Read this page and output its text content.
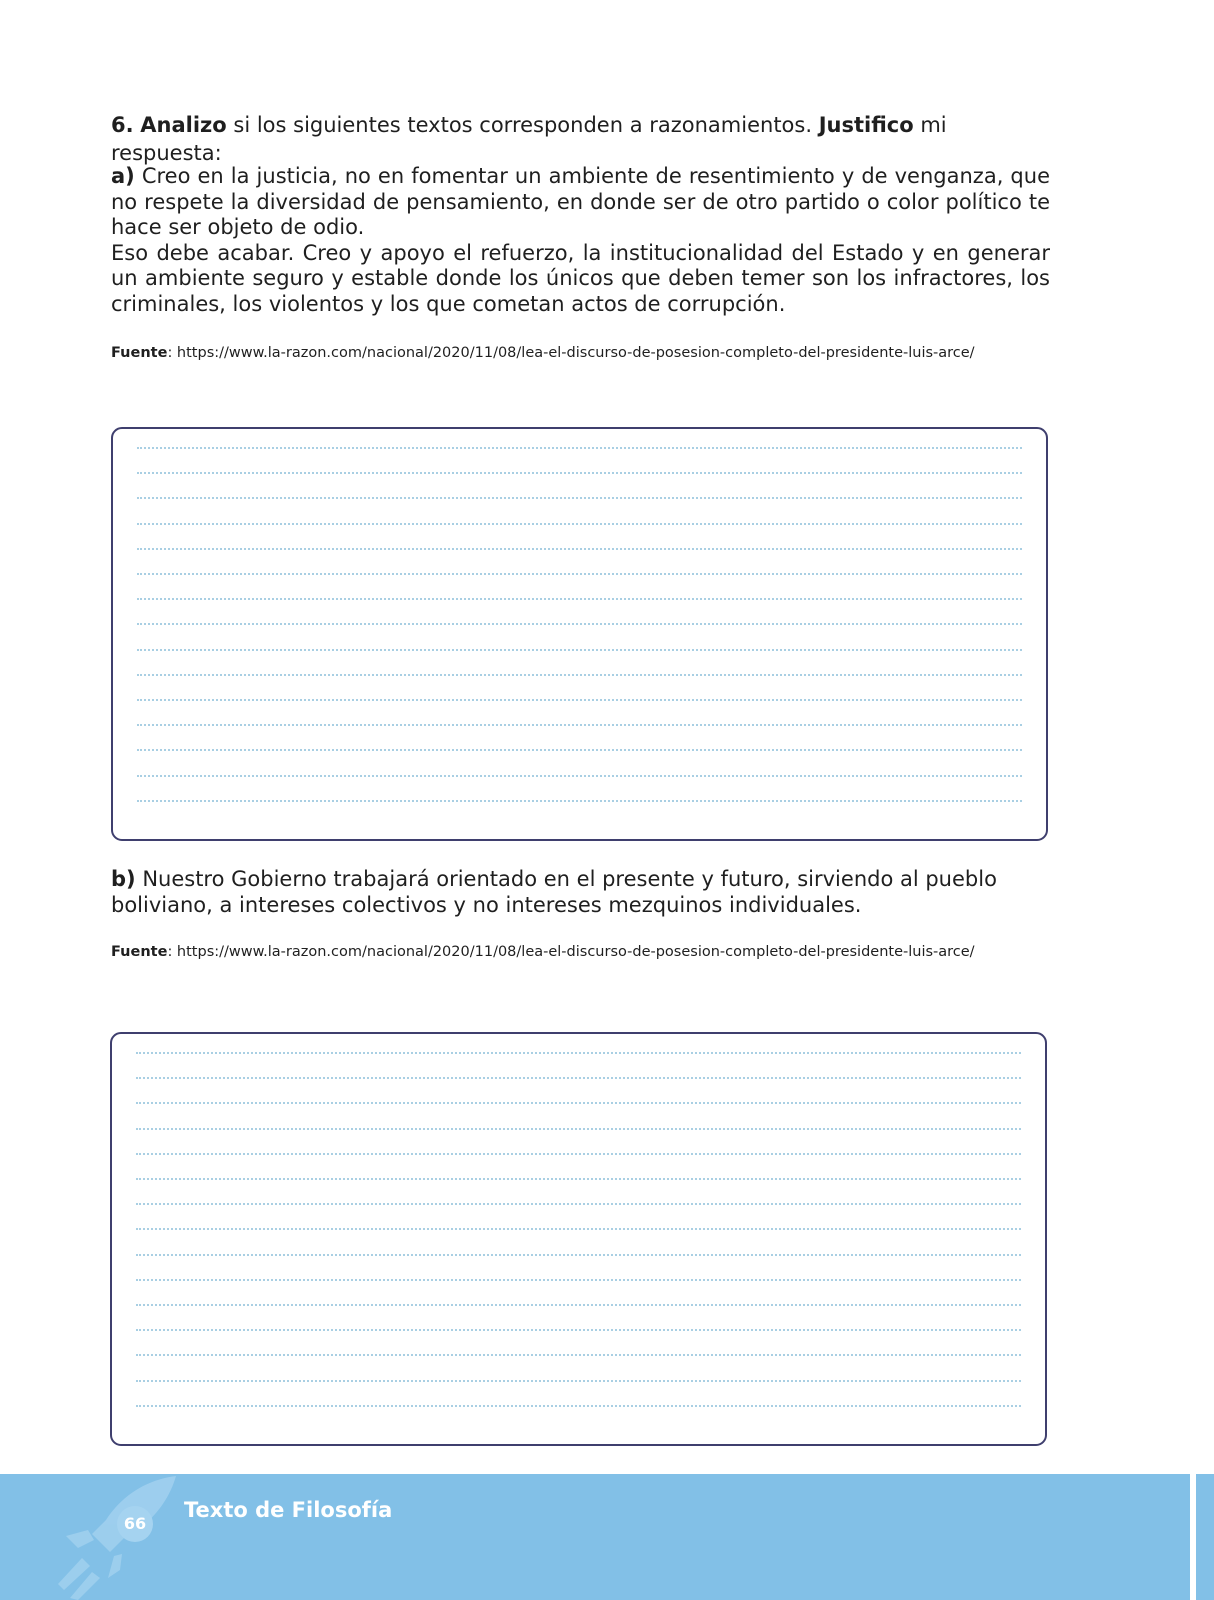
6. Analizo si los siguientes textos corresponden a razonamientos. Justifico mi respuesta:
a) Creo en la justicia, no en fomentar un ambiente de resentimiento y de venganza, que no respete la diversidad de pensamiento, en donde ser de otro partido o color político te hace ser objeto de odio.
Eso debe acabar. Creo y apoyo el refuerzo, la institucionalidad del Estado y en generar un ambiente seguro y estable donde los únicos que deben temer son los infractores, los criminales, los violentos y los que cometan actos de corrupción.
Fuente: https://www.la-razon.com/nacional/2020/11/08/lea-el-discurso-de-posesion-completo-del-presidente-luis-arce/
b) Nuestro Gobierno trabajará orientado en el presente y futuro, sirviendo al pueblo boliviano, a intereses colectivos y no intereses mezquinos individuales.
Fuente: https://www.la-razon.com/nacional/2020/11/08/lea-el-discurso-de-posesion-completo-del-presidente-luis-arce/
66
Texto de Filosofía
